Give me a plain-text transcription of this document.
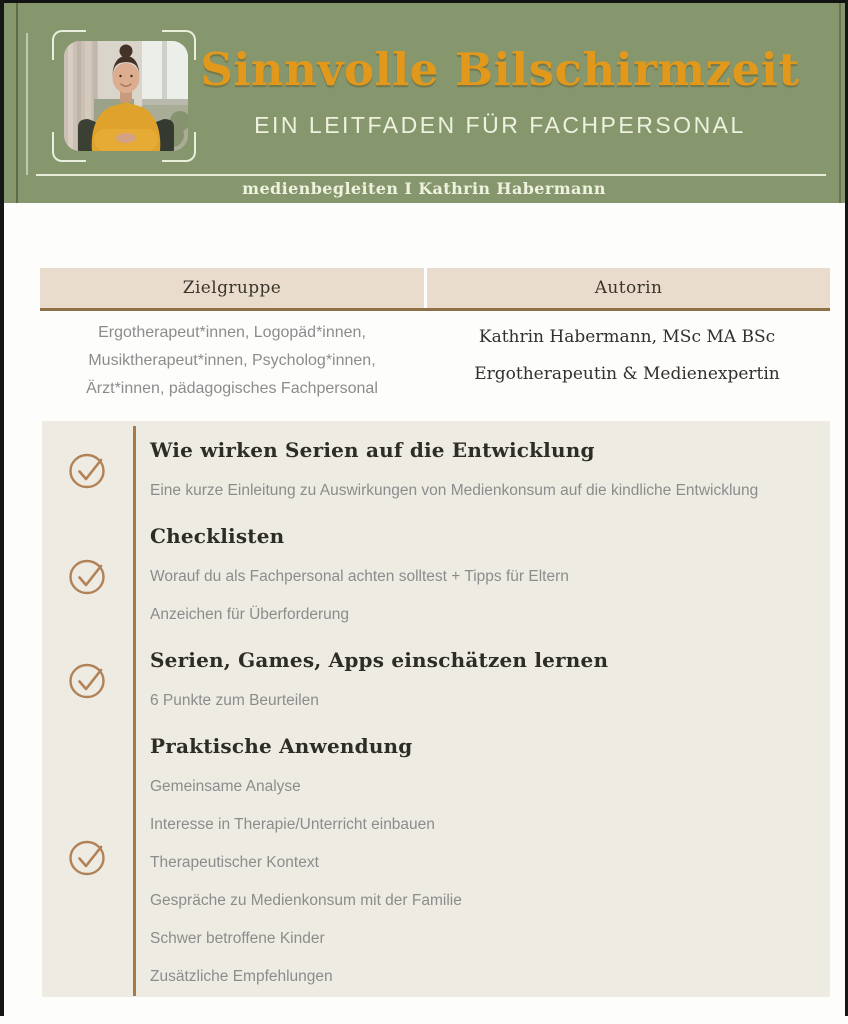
medienbegleiten I Kathrin Habermann
Sinnvolle Bilschirmzeit
EIN LEITFADEN FÜR FACHPERSONAL
Zielgruppe	Autorin
Ergotherapeut*innen, Logopäd*innen,
Musiktherapeut*innen, Psycholog*innen,
Ärzt*innen, pädagogisches Fachpersonal
Kathrin Habermann, MSc MA BSc
Ergotherapeutin & Medienexpertin
Wie wirken Serien auf die Entwicklung
Eine kurze Einleitung zu Auswirkungen von Medienkonsum auf die kindliche Entwicklung
Checklisten
Worauf du als Fachpersonal achten solltest + Tipps für Eltern
Anzeichen für Überforderung
Serien, Games, Apps einschätzen lernen
6 Punkte zum Beurteilen
Praktische Anwendung
Gemeinsame Analyse
Interesse in Therapie/Unterricht einbauen
Therapeutischer Kontext
Gespräche zu Medienkonsum mit der Familie
Schwer betroffene Kinder
Zusätzliche Empfehlungen
